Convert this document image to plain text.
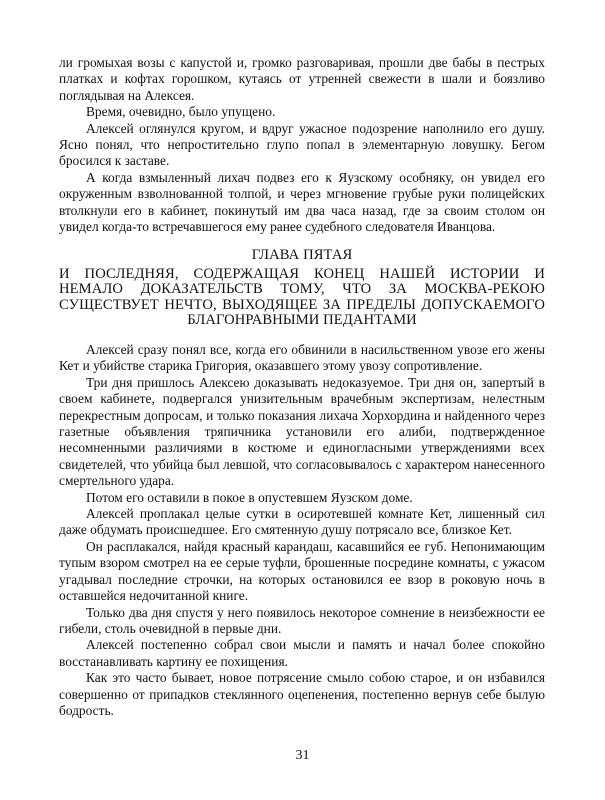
ли громыхая возы с капустой и, громко разговаривая, прошли две бабы в пестрых платках и кофтах горошком, кутаясь от утренней свежести в шали и боязливо поглядывая на Алексея.

Время, очевидно, было упущено.

Алексей оглянулся кругом, и вдруг ужасное подозрение наполнило его душу. Ясно понял, что непростительно глупо попал в элементарную ловушку. Бегом бросился к заставе.

А когда взмыленный лихач подвез его к Яузскому особняку, он увидел его окруженным взволнованной толпой, и через мгновение грубые руки полицейских втолкнули его в кабинет, покинутый им два часа назад, где за своим столом он увидел когда-то встречавшегося ему ранее судебного следователя Иванцова.

ГЛАВА ПЯТАЯ
И ПОСЛЕДНЯЯ, СОДЕРЖАЩАЯ КОНЕЦ НАШЕЙ ИСТОРИИ И НЕМАЛО ДОКАЗАТЕЛЬСТВ ТОМУ, ЧТО ЗА МОСКВА-РЕКОЮ СУЩЕСТВУЕТ НЕЧТО, ВЫХОДЯЩЕЕ ЗА ПРЕДЕЛЫ ДОПУСКАЕМОГО БЛАГОНРАВНЫМИ ПЕДАНТАМИ

Алексей сразу понял все, когда его обвинили в насильственном увозе его жены Кет и убийстве старика Григория, оказавшего этому увозу сопротивление.

Три дня пришлось Алексею доказывать недоказуемое. Три дня он, запертый в своем кабинете, подвергался унизительным врачебным экспертизам, нелестным перекрестным допросам, и только показания лихача Хорхордина и найденного через газетные объявления тряпичника установили его алиби, подтвержденное несомненными различиями в костюме и единогласными утверждениями всех свидетелей, что убийца был левшой, что согласовывалось с характером нанесенного смертельного удара.

Потом его оставили в покое в опустевшем Яузском доме.

Алексей проплакал целые сутки в осиротевшей комнате Кет, лишенный сил даже обдумать происшедшее. Его смятенную душу потрясало все, близкое Кет.

Он расплакался, найдя красный карандаш, касавшийся ее губ. Непонимающим тупым взором смотрел на ее серые туфли, брошенные посредине комнаты, с ужасом угадывал последние строчки, на которых остановился ее взор в роковую ночь в оставшейся недочитанной книге.

Только два дня спустя у него появилось некоторое сомнение в неизбежности ее гибели, столь очевидной в первые дни.

Алексей постепенно собрал свои мысли и память и начал более спокойно восстанавливать картину ее похищения.

Как это часто бывает, новое потрясение смыло собою старое, и он избавился совершенно от припадков стеклянного оцепенения, постепенно вернув себе былую бодрость.

31
